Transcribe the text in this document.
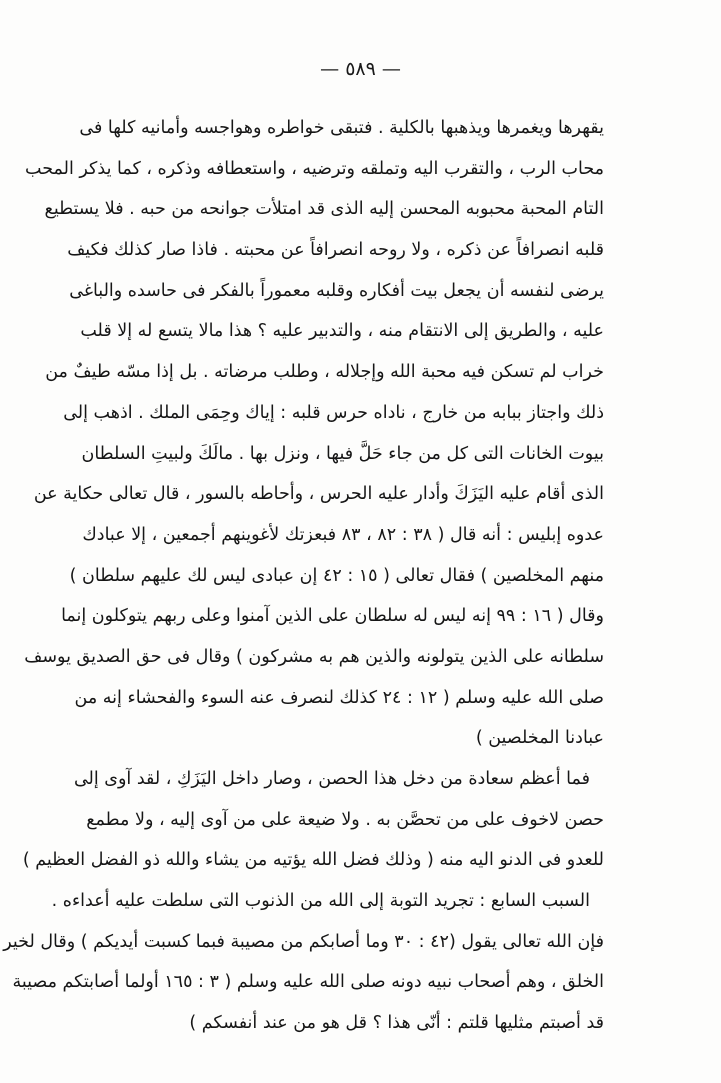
— ٥٨٩ —
يقهرها ويغمرها ويذهبها بالكلية . فتبقى خواطره وهواجسه وأمانيه كلها فى
محاب الرب ، والتقرب اليه وتملقه وترضيه ، واستعطافه وذكره ، كما يذكر المحب
التام المحبة محبوبه المحسن إليه الذى قد امتلأت جوانحه من حبه . فلا يستطيع
قلبه انصرافاً عن ذكره ، ولا روحه انصرافاً عن محبته . فاذا صار كذلك فكيف
يرضى لنفسه أن يجعل بيت أفكاره وقلبه معموراً بالفكر فى حاسده والباغى
عليه ، والطريق إلى الانتقام منه ، والتدبير عليه ؟ هذا مالا يتسع له إلا قلب
خراب لم تسكن فيه محبة الله وإجلاله ، وطلب مرضاته . بل إذا مسّه طيفٌ من
ذلك واجتاز ببابه من خارج ، ناداه حرس قلبه : إياك وحِمَى الملك . اذهب إلى
بيوت الخانات التى كل من جاء حَلَّ فيها ، ونزل بها . مالَكَ ولبيتِ السلطان
الذى أقام عليه اليَزَكَ وأدار عليه الحرس ، وأحاطه بالسور ، قال تعالى حكاية عن
عدوه إبليس : أنه قال ( ٣٨ : ٨٢ ، ٨٣ فبعزتك لأغوينهم أجمعين ، إلا عبادك
منهم المخلصين ) فقال تعالى ( ١٥ : ٤٢ إن عبادى ليس لك عليهم سلطان )
وقال ( ١٦ : ٩٩ إنه ليس له سلطان على الذين آمنوا وعلى ربهم يتوكلون إنما
سلطانه على الذين يتولونه والذين هم به مشركون ) وقال فى حق الصديق يوسف
صلى الله عليه وسلم ( ١٢ : ٢٤ كذلك لنصرف عنه السوء والفحشاء إنه من
عبادنا المخلصين )
فما أعظم سعادة من دخل هذا الحصن ، وصار داخل اليَزَكِ ، لقد آوى إلى
حصن لاخوف على من تحصَّن به . ولا ضيعة على من آوى إليه ، ولا مطمع
للعدو فى الدنو اليه منه ( وذلك فضل الله يؤتيه من يشاء والله ذو الفضل العظيم )
السبب السابع : تجريد التوبة إلى الله من الذنوب التى سلطت عليه أعداءه .
فإن الله تعالى يقول (٤٢ : ٣٠ وما أصابكم من مصيبة فبما كسبت أيديكم ) وقال لخير
الخلق ، وهم أصحاب نبيه دونه صلى الله عليه وسلم ( ٣ : ١٦٥ أولما أصابتكم مصيبة
قد أصبتم مثليها قلتم : أنّى هذا ؟ قل هو من عند أنفسكم )
